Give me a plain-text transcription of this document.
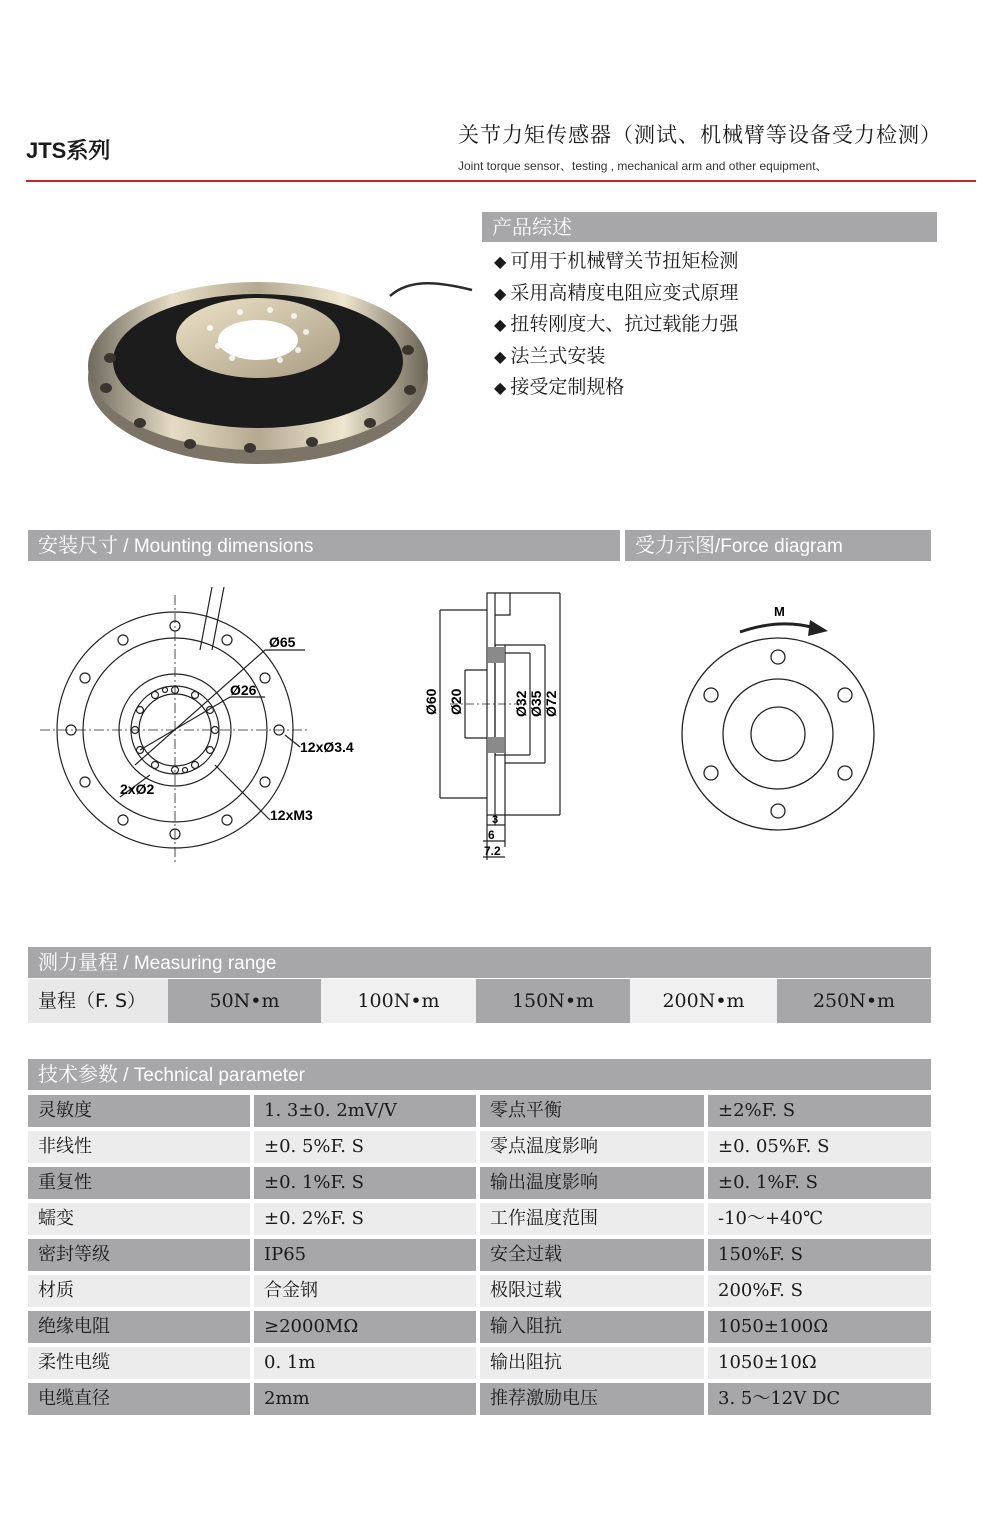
JTS系列
关节力矩传感器（测试、机械臂等设备受力检测）
Joint torque sensor、testing , mechanical arm and other equipment、
产品综述
◆ 可用于机械臂关节扭矩检测
◆ 采用高精度电阻应变式原理
◆ 扭转刚度大、抗过载能力强
◆ 法兰式安装
◆ 接受定制规格
安装尺寸 / Mounting dimensions	受力示图/Force diagram
Ø65
Ø26
12xØ3.4
2xØ2
12xM3
Ø60 Ø20	Ø32 Ø35 Ø72
3
6
7.2
M
测力量程 / Measuring range
量程（F. S）	50N•m	100N•m	150N•m	200N•m	250N•m
技术参数 / Technical parameter
灵敏度	1. 3±0. 2mV/V	零点平衡	±2%F. S
非线性	±0. 5%F. S	零点温度影响	±0. 05%F. S
重复性	±0. 1%F. S	输出温度影响	±0. 1%F. S
蠕变	±0. 2%F. S	工作温度范围	-10～+40℃
密封等级	IP65	安全过载	150%F. S
材质	合金钢	极限过载	200%F. S
绝缘电阻	≥2000MΩ	输入阻抗	1050±100Ω
柔性电缆	0. 1m	输出阻抗	1050±10Ω
电缆直径	2mm	推荐激励电压	3. 5～12V DC
